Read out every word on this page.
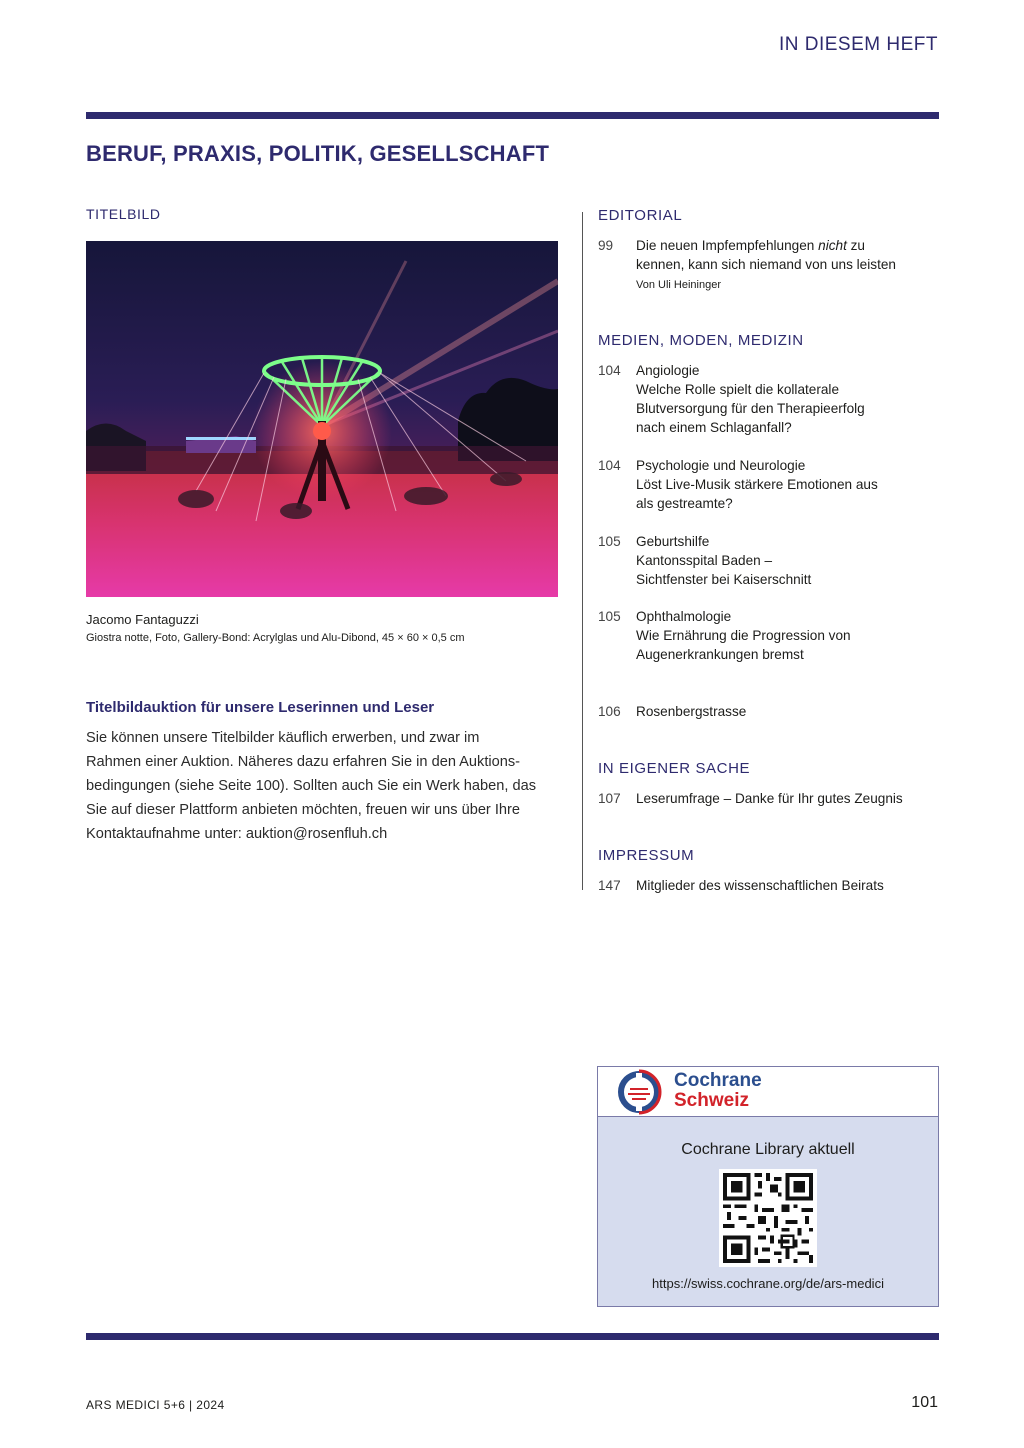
IN DIESEM HEFT
BERUF, PRAXIS, POLITIK, GESELLSCHAFT
TITELBILD
Jacomo Fantaguzzi
Giostra notte, Foto, Gallery-Bond: Acrylglas und Alu-Dibond, 45 × 60 × 0,5 cm
Titelbildauktion für unsere Leserinnen und Leser

Sie können unsere Titelbilder käuflich erwerben, und zwar im

Rahmen einer Auktion. Näheres dazu erfahren Sie in den Auktions-

bedingungen (siehe Seite 100). Sollten auch Sie ein Werk haben, das

Sie auf dieser Plattform anbieten möchten, freuen wir uns über Ihre

Kontaktaufnahme unter: auktion@rosenfluh.ch

EDITORIAL
99 Die neuen Impfempfehlungen nicht zu
kennen, kann sich niemand von uns leisten
Von Uli Heininger
MEDIEN, MODEN, MEDIZIN
104 Angiologie
Welche Rolle spielt die kollaterale
Blutversorgung für den Therapieerfolg
nach einem Schlaganfall?
104 Psychologie und Neurologie
Löst Live-Musik stärkere Emotionen aus
als gestreamte?
105 Geburtshilfe
Kantonsspital Baden –
Sichtfenster bei Kaiserschnitt
105 Ophthalmologie
Wie Ernährung die Progression von
Augenerkrankungen bremst
106 Rosenbergstrasse
IN EIGENER SACHE
107 Leserumfrage – Danke für Ihr gutes Zeugnis
IMPRESSUM
147 Mitglieder des wissenschaftlichen Beirats
Cochrane
Schweiz
Cochrane Library aktuell
https://swiss.cochrane.org/de/ars-medici
ARS MEDICI 5+6 | 2024	101
